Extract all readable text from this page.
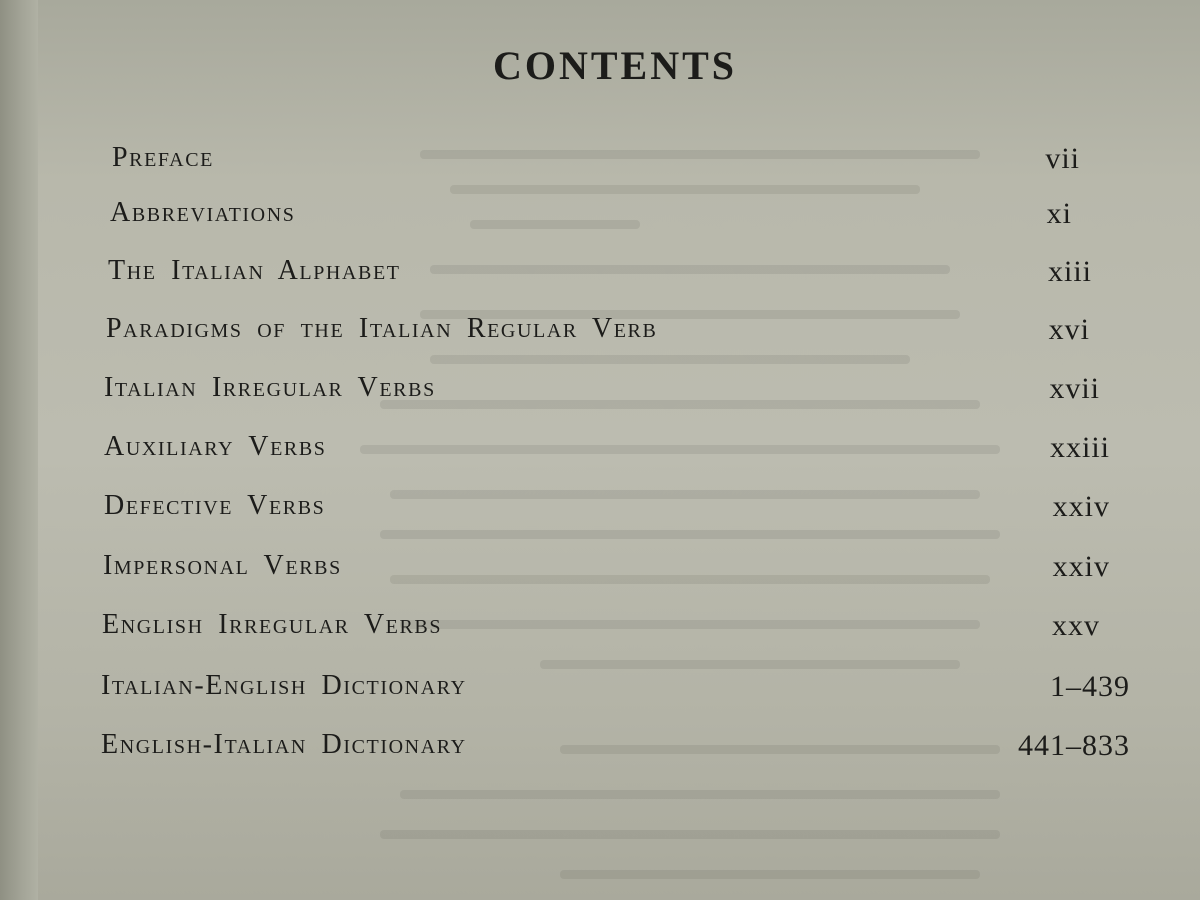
CONTENTS
Preface	vii
Abbreviations	xi
The Italian Alphabet	xiii
Paradigms of the Italian Regular Verb	xvi
Italian Irregular Verbs	xvii
Auxiliary Verbs	xxiii
Defective Verbs	xxiv
Impersonal Verbs	xxiv
English Irregular Verbs	xxv
Italian-English Dictionary	1–439
English-Italian Dictionary	441–833
